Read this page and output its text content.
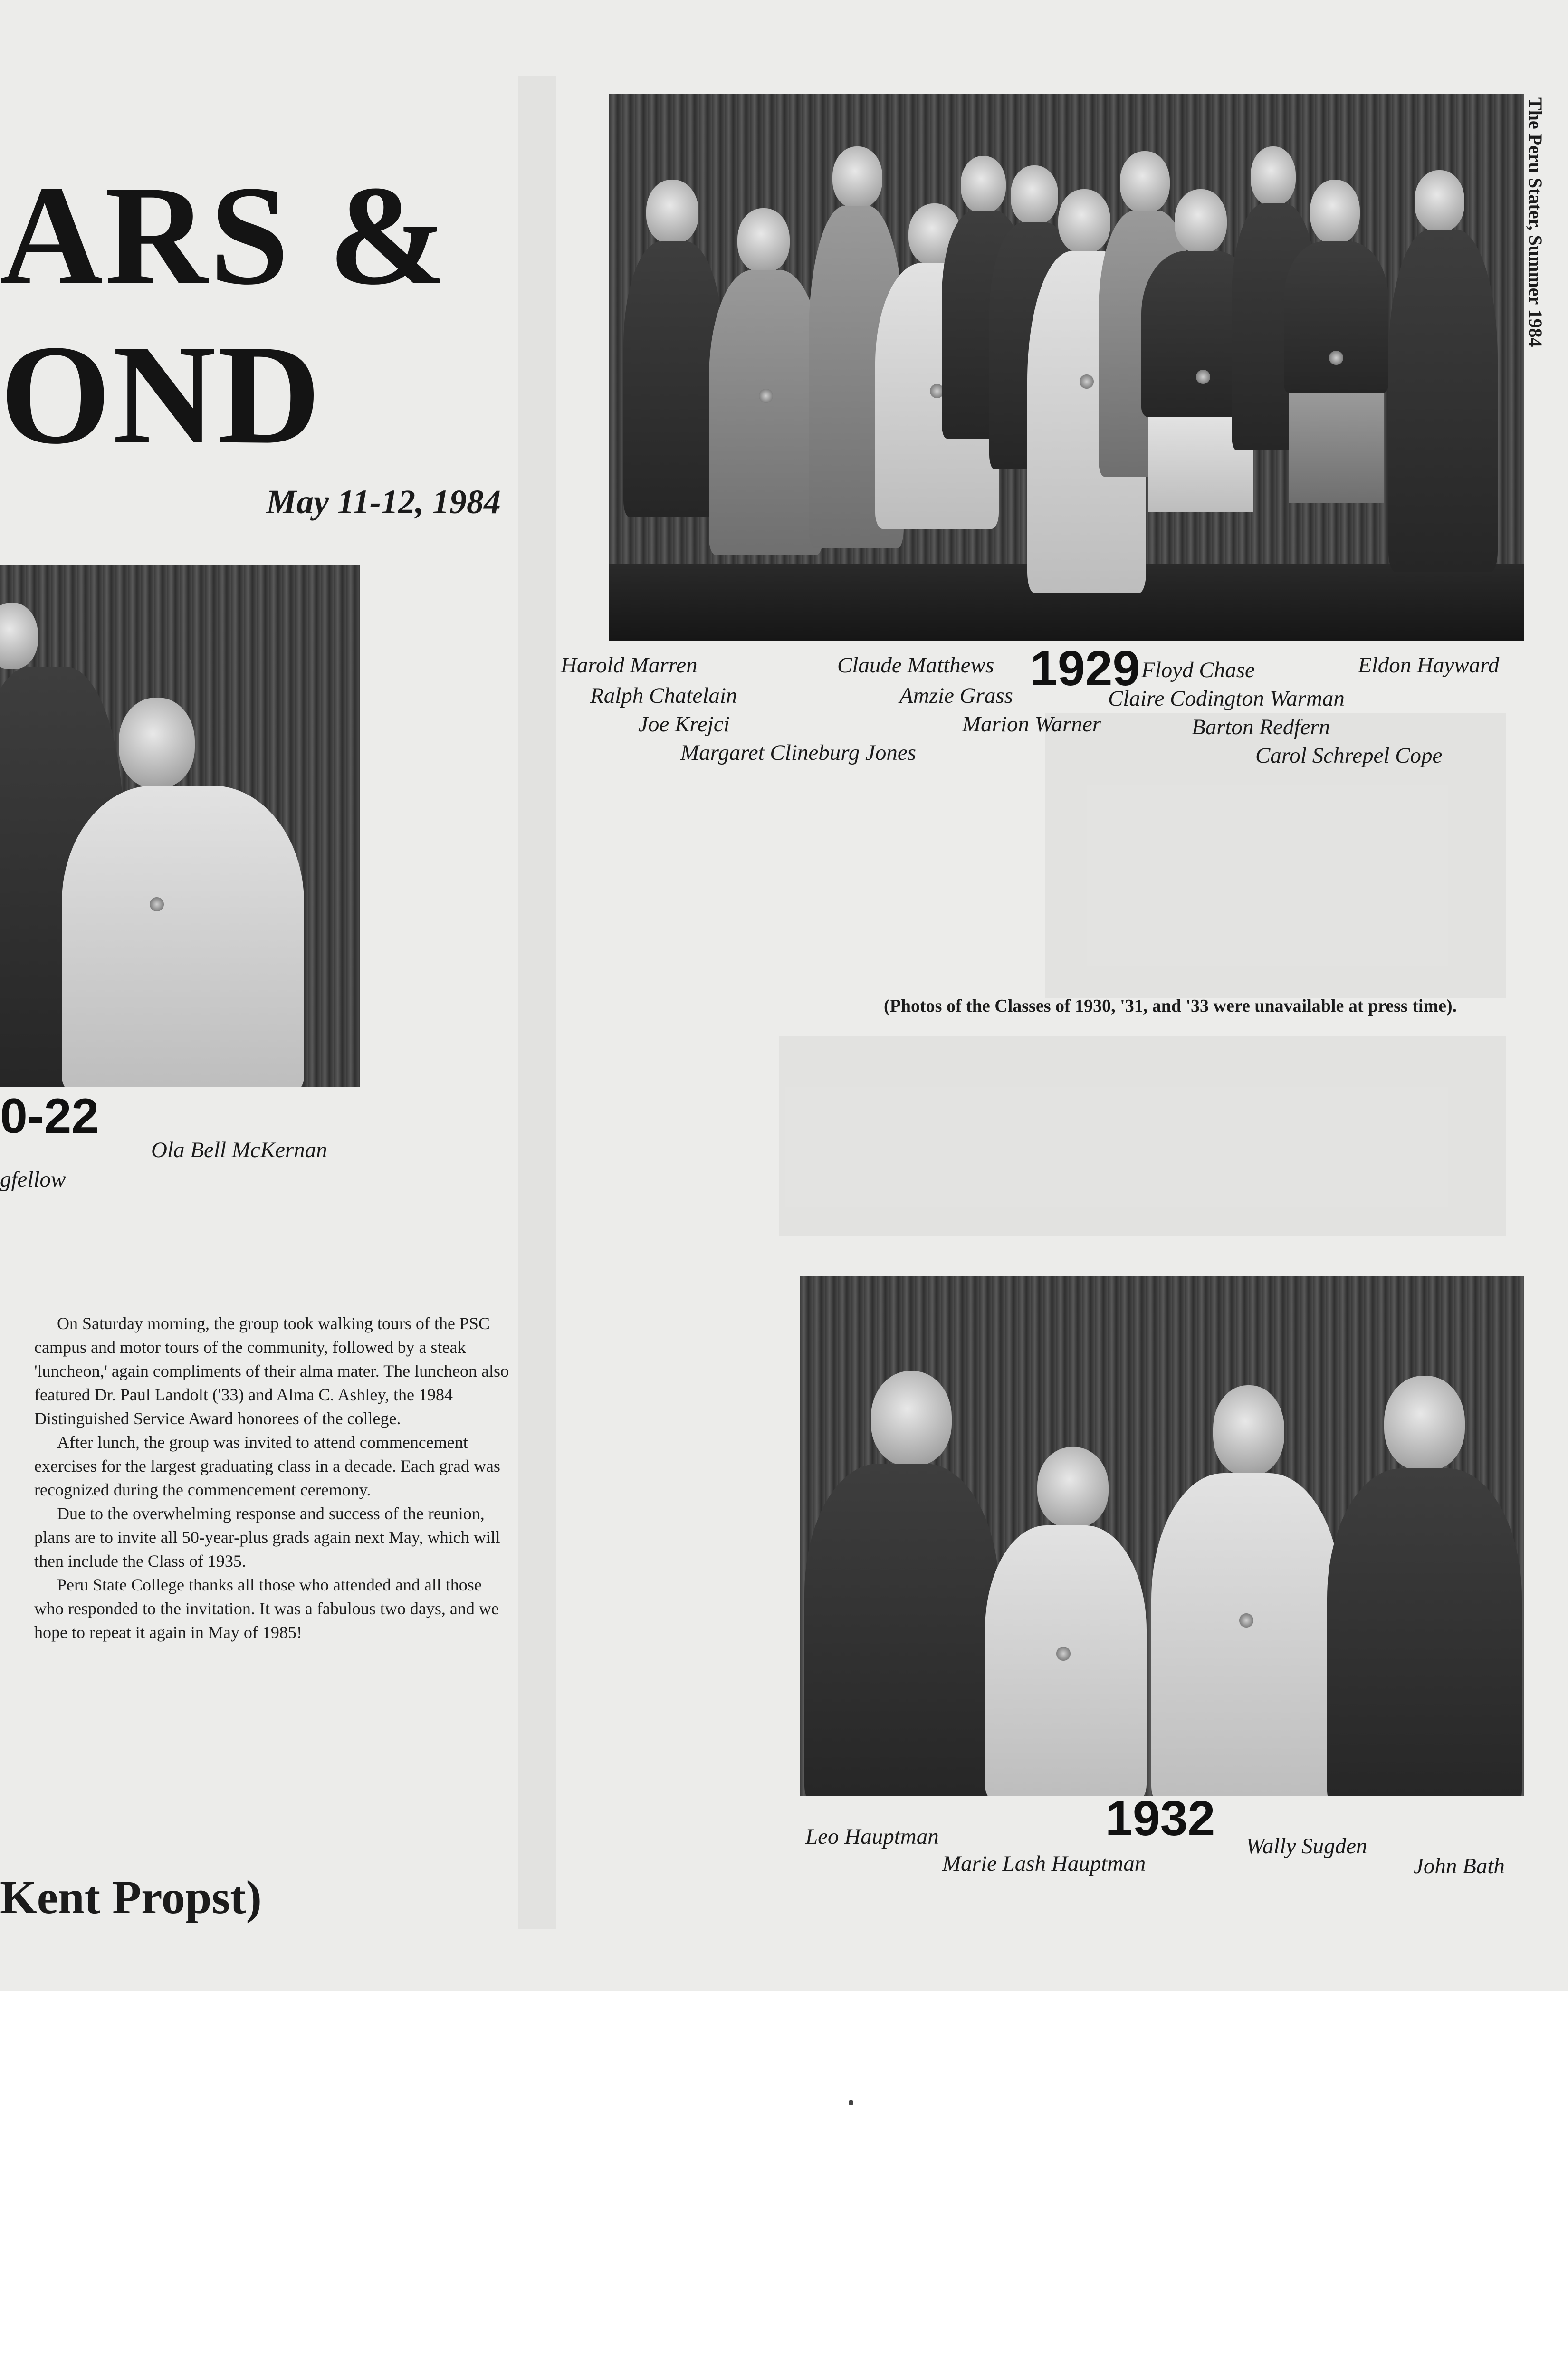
ARS &
OND
May 11-12, 1984
The Peru Stater, Summer 1984
Harold Marren	Claude Matthews 1929 Floyd Chase	Eldon Hayward
Ralph Chatelain	Amzie Grass	Claire Codington Warman
Joe Krejci	Marion Warner	Barton Redfern
Margaret Clineburg Jones	Carol Schrepel Cope
0-22
Ola Bell McKernan
gfellow
(Photos of the Classes of 1930, '31, and '33 were unavailable at press time).

On Saturday morning, the group took walking tours of the PSC campus and motor tours of the community, followed by a steak 'luncheon,' again compliments of their alma mater. The luncheon also featured Dr. Paul Landolt ('33) and Alma C. Ashley, the 1984 Distinguished Service Award honorees of the college.

After lunch, the group was invited to attend commencement exercises for the largest graduating class in a decade. Each grad was recognized during the commencement ceremony.

Due to the overwhelming response and success of the reunion, plans are to invite all 50-year-plus grads again next May, which will then include the Class of 1935.

Peru State College thanks all those who attended and all those who responded to the invitation. It was a fabulous two days, and we hope to repeat it again in May of 1985!

Kent Propst)
1932
Leo Hauptman
Marie Lash Hauptman
Wally Sugden
John Bath
